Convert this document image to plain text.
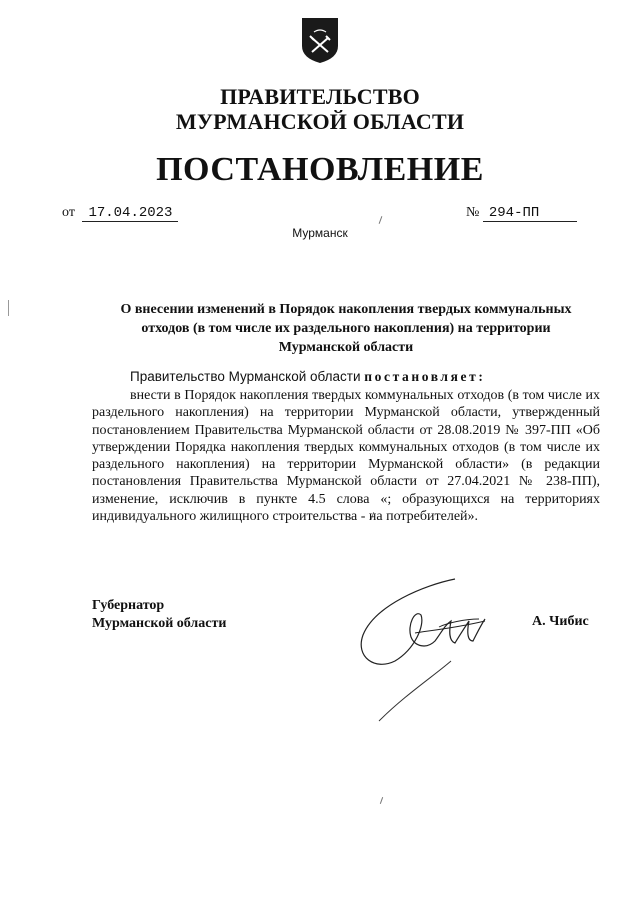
ПРАВИТЕЛЬСТВО
МУРМАНСКОЙ ОБЛАСТИ
ПОСТАНОВЛЕНИЕ
от 17.04.2023	№ 294-ПП
Мурманск
О внесении изменений в Порядок накопления твердых коммунальных
отходов (в том числе их раздельного накопления) на территории
Мурманской области
Правительство Мурманской области постановляет:
внести в Порядок накопления твердых коммунальных отходов (в том числе их раздельного накопления) на территории Мурманской области, утвержденный постановлением Правительства Мурманской области от 28.08.2019 № 397-ПП «Об утверждении Порядка накопления твердых коммунальных отходов (в том числе их раздельного накопления) на территории Мурманской области» (в редакции постановления Правительства Мурманской области от 27.04.2021 № 238-ПП), изменение, исключив в пункте 4.5 слова «; образующихся на территориях индивидуального жилищного строительства - на потребителей».
Губернатор
Мурманской области	А. Чибис
